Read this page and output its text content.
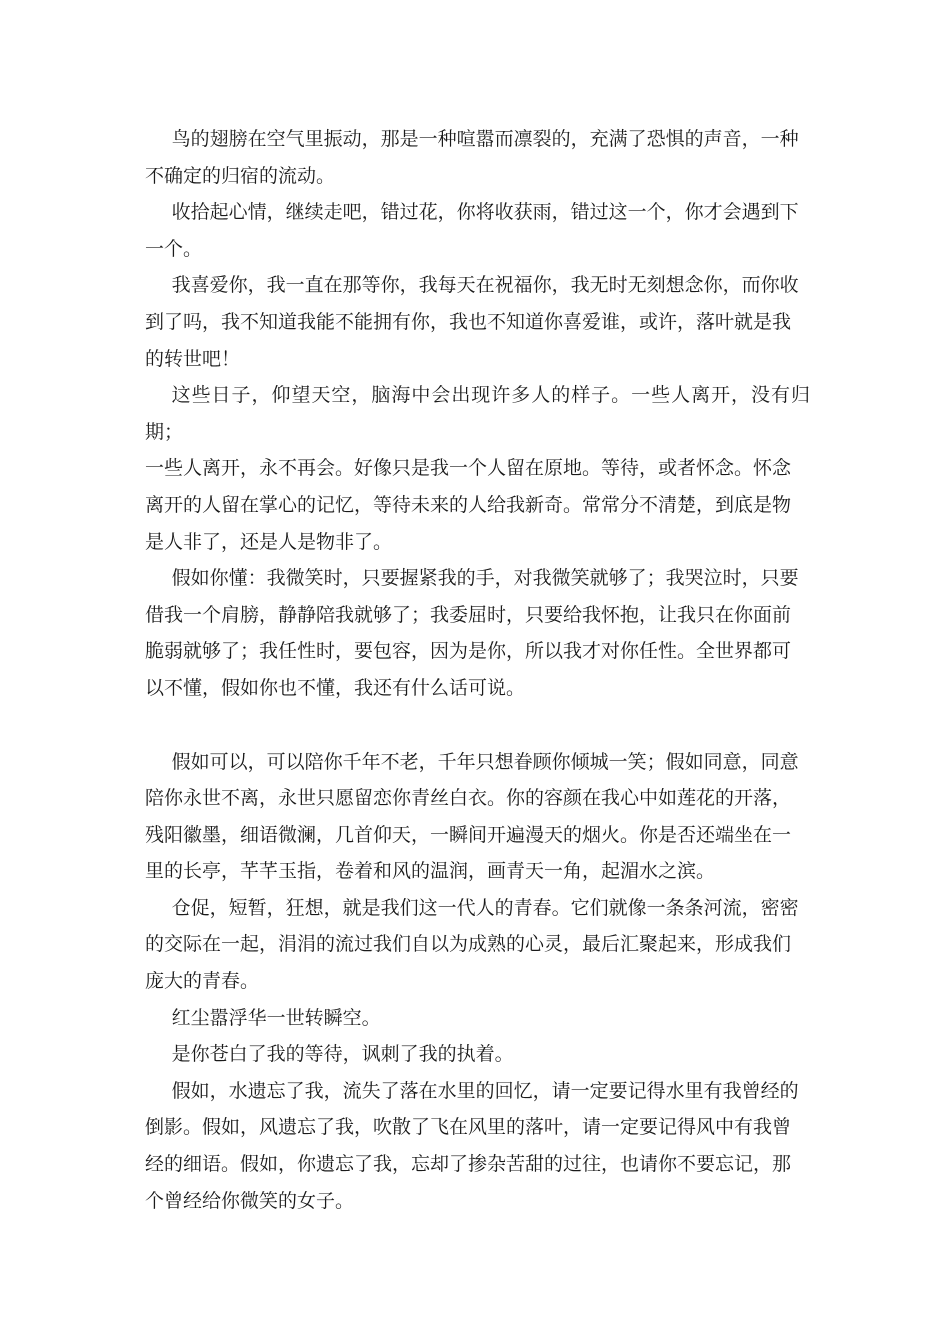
鸟的翅膀在空气里振动，那是一种喧嚣而凛裂的，充满了恐惧的声音，一种
不确定的归宿的流动。

收拾起心情，继续走吧，错过花，你将收获雨，错过这一个，你才会遇到下
一个。

我喜爱你，我一直在那等你，我每天在祝福你，我无时无刻想念你，而你收
到了吗，我不知道我能不能拥有你，我也不知道你喜爱谁，或许，落叶就是我
的转世吧！

这些日子，仰望天空，脑海中会出现许多人的样子。一些人离开，没有归期；
一些人离开，永不再会。好像只是我一个人留在原地。等待，或者怀念。怀念
离开的人留在掌心的记忆，等待未来的人给我新奇。常常分不清楚，到底是物
是人非了，还是人是物非了。

假如你懂：我微笑时，只要握紧我的手，对我微笑就够了；我哭泣时，只要
借我一个肩膀，静静陪我就够了；我委屈时，只要给我怀抱，让我只在你面前
脆弱就够了；我任性时，要包容，因为是你，所以我才对你任性。全世界都可
以不懂，假如你也不懂，我还有什么话可说。

假如可以，可以陪你千年不老，千年只想眷顾你倾城一笑；假如同意，同意
陪你永世不离，永世只愿留恋你青丝白衣。你的容颜在我心中如莲花的开落，
残阳徽墨，细语微澜，几首仰天，一瞬间开遍漫天的烟火。你是否还端坐在一
里的长亭，芊芊玉指，卷着和风的温润，画青天一角，起湄水之滨。

仓促，短暂，狂想，就是我们这一代人的青春。它们就像一条条河流，密密
的交际在一起，涓涓的流过我们自以为成熟的心灵，最后汇聚起来，形成我们
庞大的青春。

红尘嚣浮华一世转瞬空。

是你苍白了我的等待，讽刺了我的执着。

假如，水遗忘了我，流失了落在水里的回忆，请一定要记得水里有我曾经的
倒影。假如，风遗忘了我，吹散了飞在风里的落叶，请一定要记得风中有我曾
经的细语。假如，你遗忘了我，忘却了掺杂苦甜的过往，也请你不要忘记，那
个曾经给你微笑的女子。
